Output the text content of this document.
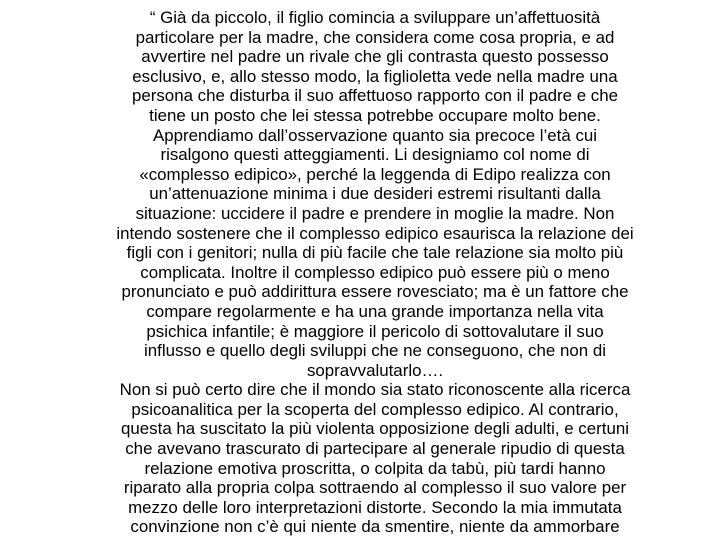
“ Già da piccolo, il figlio comincia a sviluppare un’affettuosità
particolare per la madre, che considera come cosa propria, e ad
avvertire nel padre un rivale che gli contrasta questo possesso
esclusivo, e, allo stesso modo, la figlioletta vede nella madre una
persona che disturba il suo affettuoso rapporto con il padre e che
tiene un posto che lei stessa potrebbe occupare molto bene.
Apprendiamo dall’osservazione quanto sia precoce l’età cui
risalgono questi atteggiamenti. Li designiamo col nome di
«complesso edipico», perché la leggenda di Edipo realizza con
un’attenuazione minima i due desideri estremi risultanti dalla
situazione: uccidere il padre e prendere in moglie la madre. Non
intendo sostenere che il complesso edipico esaurisca la relazione dei
figli con i genitori; nulla di più facile che tale relazione sia molto più
complicata. Inoltre il complesso edipico può essere più o meno
pronunciato e può addirittura essere rovesciato; ma è un fattore che
compare regolarmente e ha una grande importanza nella vita
psichica infantile; è maggiore il pericolo di sottovalutare il suo
influsso e quello degli sviluppi che ne conseguono, che non di
sopravvalutarlo….
Non si può certo dire che il mondo sia stato riconoscente alla ricerca
psicoanalitica per la scoperta del complesso edipico. Al contrario,
questa ha suscitato la più violenta opposizione degli adulti, e certuni
che avevano trascurato di partecipare al generale ripudio di questa
relazione emotiva proscritta, o colpita da tabù, più tardi hanno
riparato alla propria colpa sottraendo al complesso il suo valore per
mezzo delle loro interpretazioni distorte. Secondo la mia immutata
convinzione non c’è qui niente da smentire, niente da ammorbare
